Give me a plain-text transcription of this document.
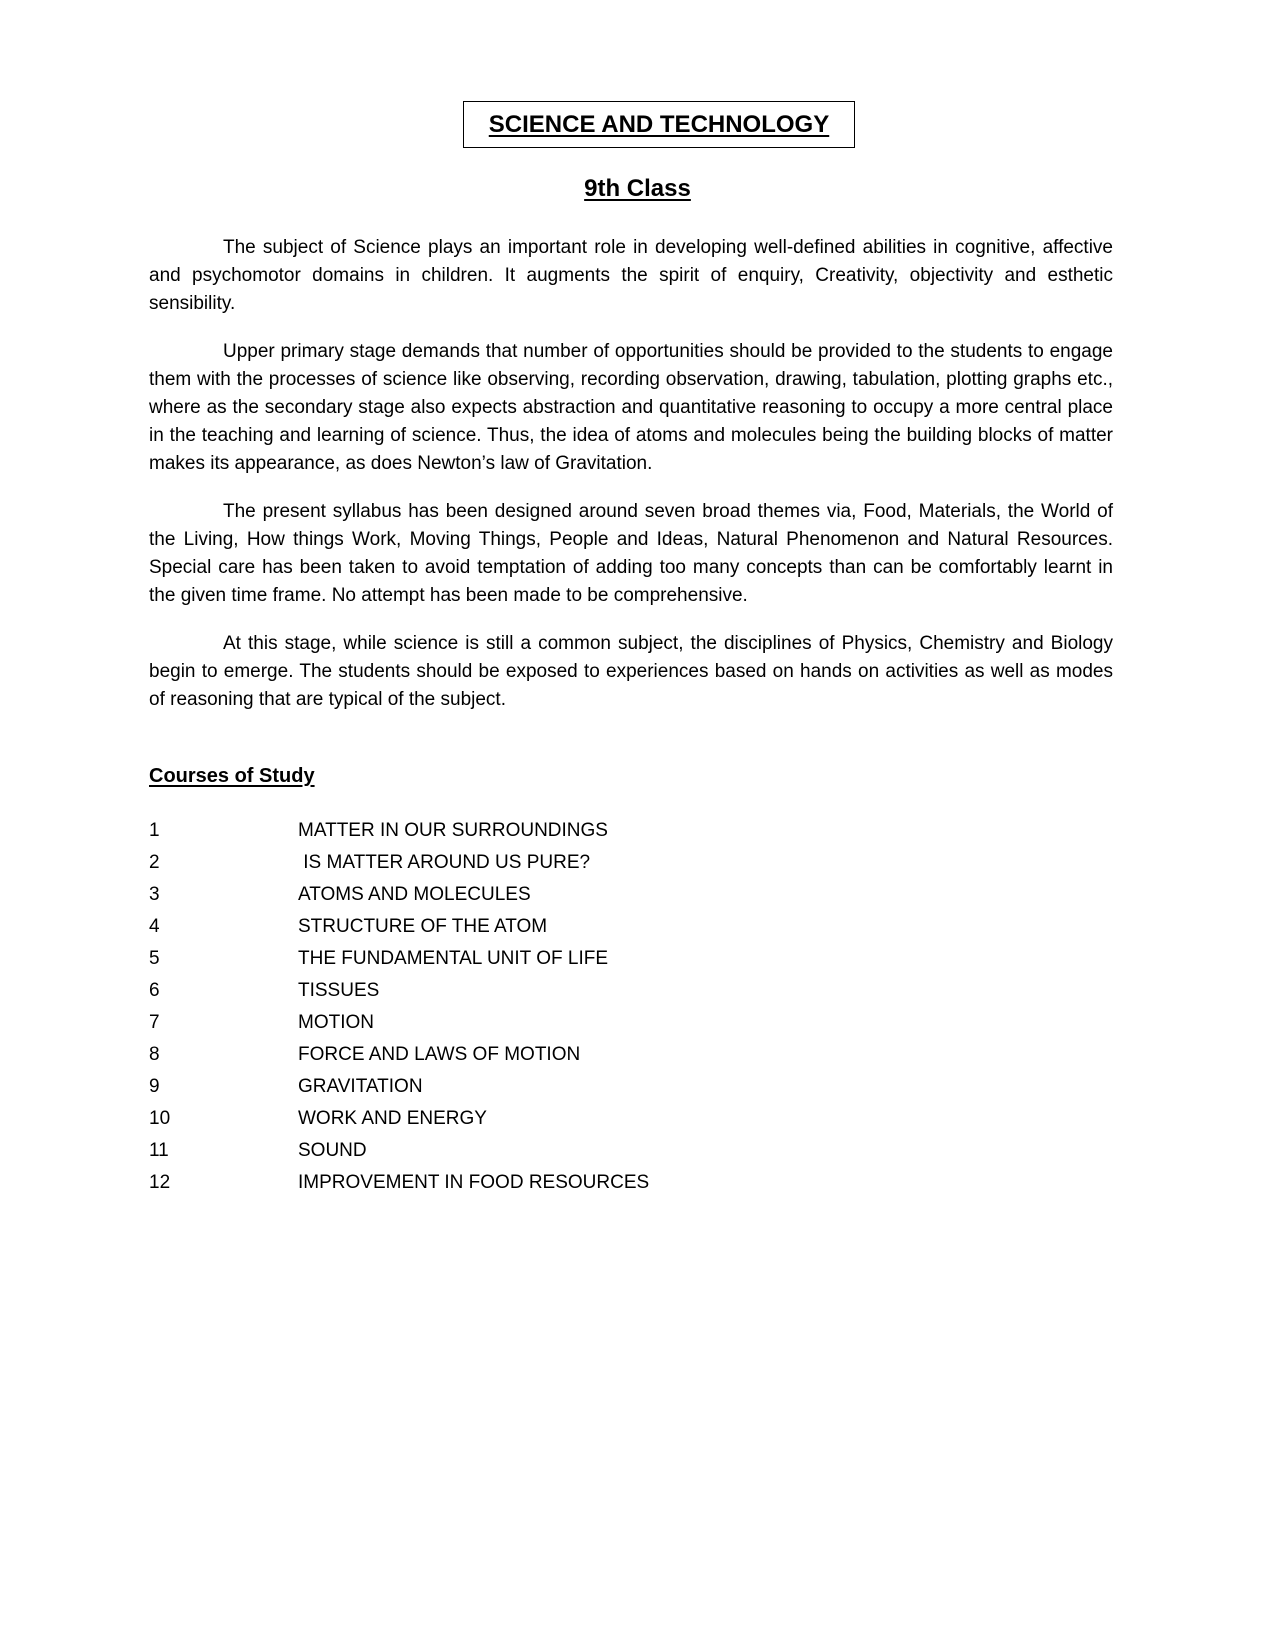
SCIENCE AND TECHNOLOGY
9th Class

The subject of Science plays an important role in developing well-defined abilities in cognitive, affective and psychomotor domains in children. It augments the spirit of enquiry, Creativity, objectivity and esthetic sensibility.

Upper primary stage demands that number of opportunities should be provided to the students to engage them with the processes of science like observing, recording observation, drawing, tabulation, plotting graphs etc., where as the secondary stage also expects abstraction and quantitative reasoning to occupy a more central place in the teaching and learning of science. Thus, the idea of atoms and molecules being the building blocks of matter makes its appearance, as does Newton’s law of Gravitation.

The present syllabus has been designed around seven broad themes via, Food, Materials, the World of the Living, How things Work, Moving Things, People and Ideas, Natural Phenomenon and Natural Resources. Special care has been taken to avoid temptation of adding too many concepts than can be comfortably learnt in the given time frame. No attempt has been made to be comprehensive.

At this stage, while science is still a common subject, the disciplines of Physics, Chemistry and Biology begin to emerge. The students should be exposed to experiences based on hands on activities as well as modes of reasoning that are typical of the subject.

Courses of Study
1	MATTER IN OUR SURROUNDINGS
2	IS MATTER AROUND US PURE?
3	ATOMS AND MOLECULES
4	STRUCTURE OF THE ATOM
5	THE FUNDAMENTAL UNIT OF LIFE
6	TISSUES
7	MOTION
8	FORCE AND LAWS OF MOTION
9	GRAVITATION
10	WORK AND ENERGY
11	SOUND
12	IMPROVEMENT IN FOOD RESOURCES
